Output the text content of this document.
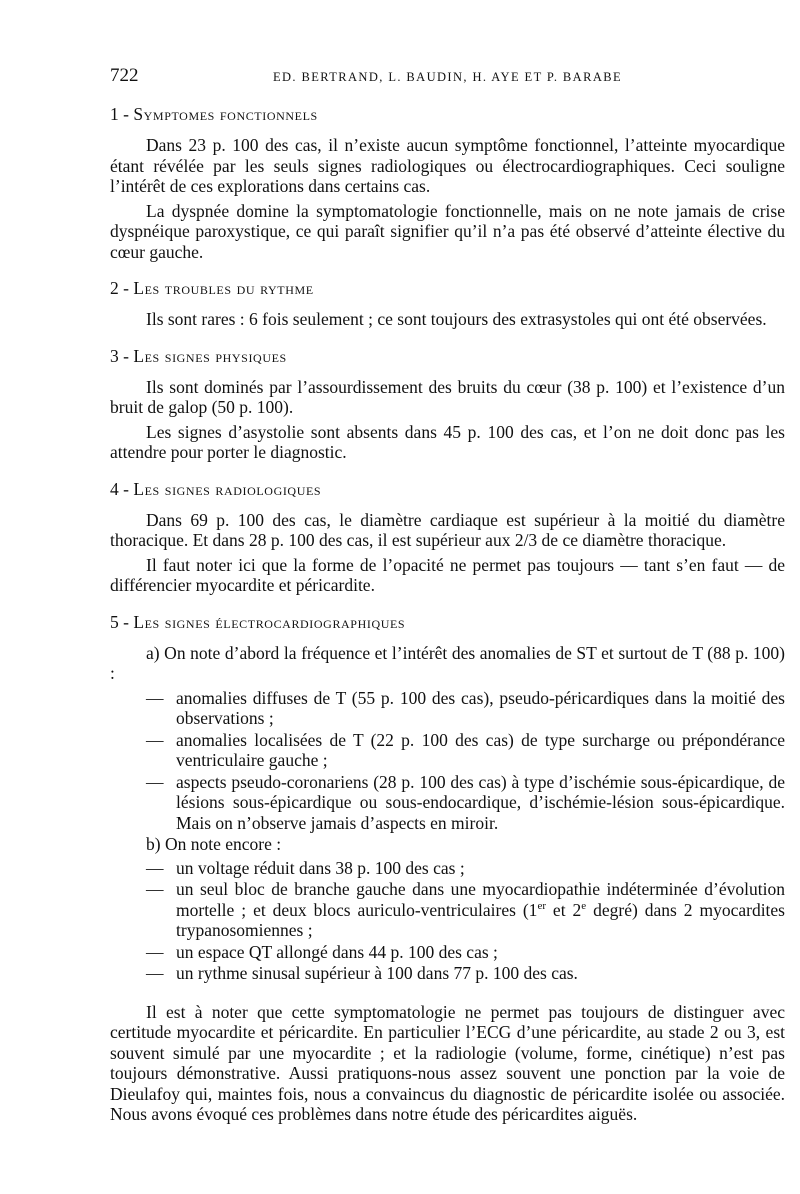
722	ED. BERTRAND, L. BAUDIN, H. AYE ET P. BARABE
1 - Symptomes fonctionnels

Dans 23 p. 100 des cas, il n’existe aucun symptôme fonctionnel, l’atteinte myocardique étant révélée par les seuls signes radiologiques ou électrocardiographiques. Ceci souligne l’intérêt de ces explorations dans certains cas.

La dyspnée domine la symptomatologie fonctionnelle, mais on ne note jamais de crise dyspnéique paroxystique, ce qui paraît signifier qu’il n’a pas été observé d’atteinte élective du cœur gauche.

2 - Les troubles du rythme

Ils sont rares : 6 fois seulement ; ce sont toujours des extrasystoles qui ont été observées.

3 - Les signes physiques

Ils sont dominés par l’assourdissement des bruits du cœur (38 p. 100) et l’existence d’un bruit de galop (50 p. 100).

Les signes d’asystolie sont absents dans 45 p. 100 des cas, et l’on ne doit donc pas les attendre pour porter le diagnostic.

4 - Les signes radiologiques

Dans 69 p. 100 des cas, le diamètre cardiaque est supérieur à la moitié du diamètre thoracique. Et dans 28 p. 100 des cas, il est supérieur aux 2/3 de ce diamètre thoracique.

Il faut noter ici que la forme de l’opacité ne permet pas toujours — tant s’en faut — de différencier myocardite et péricardite.

5 - Les signes électrocardiographiques

a) On note d’abord la fréquence et l’intérêt des anomalies de ST et surtout de T (88 p. 100) :

— anomalies diffuses de T (55 p. 100 des cas), pseudo-péricardiques dans la moitié des observations ;
— anomalies localisées de T (22 p. 100 des cas) de type surcharge ou prépondérance ventriculaire gauche ;
— aspects pseudo-coronariens (28 p. 100 des cas) à type d’ischémie sous-épicardique, de lésions sous-épicardique ou sous-endocardique, d’ischémie-lésion sous-épicardique. Mais on n’observe jamais d’aspects en miroir.
b) On note encore :
— un voltage réduit dans 38 p. 100 des cas ;
— un seul bloc de branche gauche dans une myocardiopathie indéterminée d’évolution mortelle ; et deux blocs auriculo-ventriculaires (1er et 2e degré) dans 2 myocardites trypanosomiennes ;
— un espace QT allongé dans 44 p. 100 des cas ;
— un rythme sinusal supérieur à 100 dans 77 p. 100 des cas.

Il est à noter que cette symptomatologie ne permet pas toujours de distinguer avec certitude myocardite et péricardite. En particulier l’ECG d’une péricardite, au stade 2 ou 3, est souvent simulé par une myocardite ; et la radiologie (volume, forme, cinétique) n’est pas toujours démonstrative. Aussi pratiquons-nous assez souvent une ponction par la voie de Dieulafoy qui, maintes fois, nous a convaincus du diagnostic de péricardite isolée ou associée. Nous avons évoqué ces problèmes dans notre étude des péricardites aiguës.
